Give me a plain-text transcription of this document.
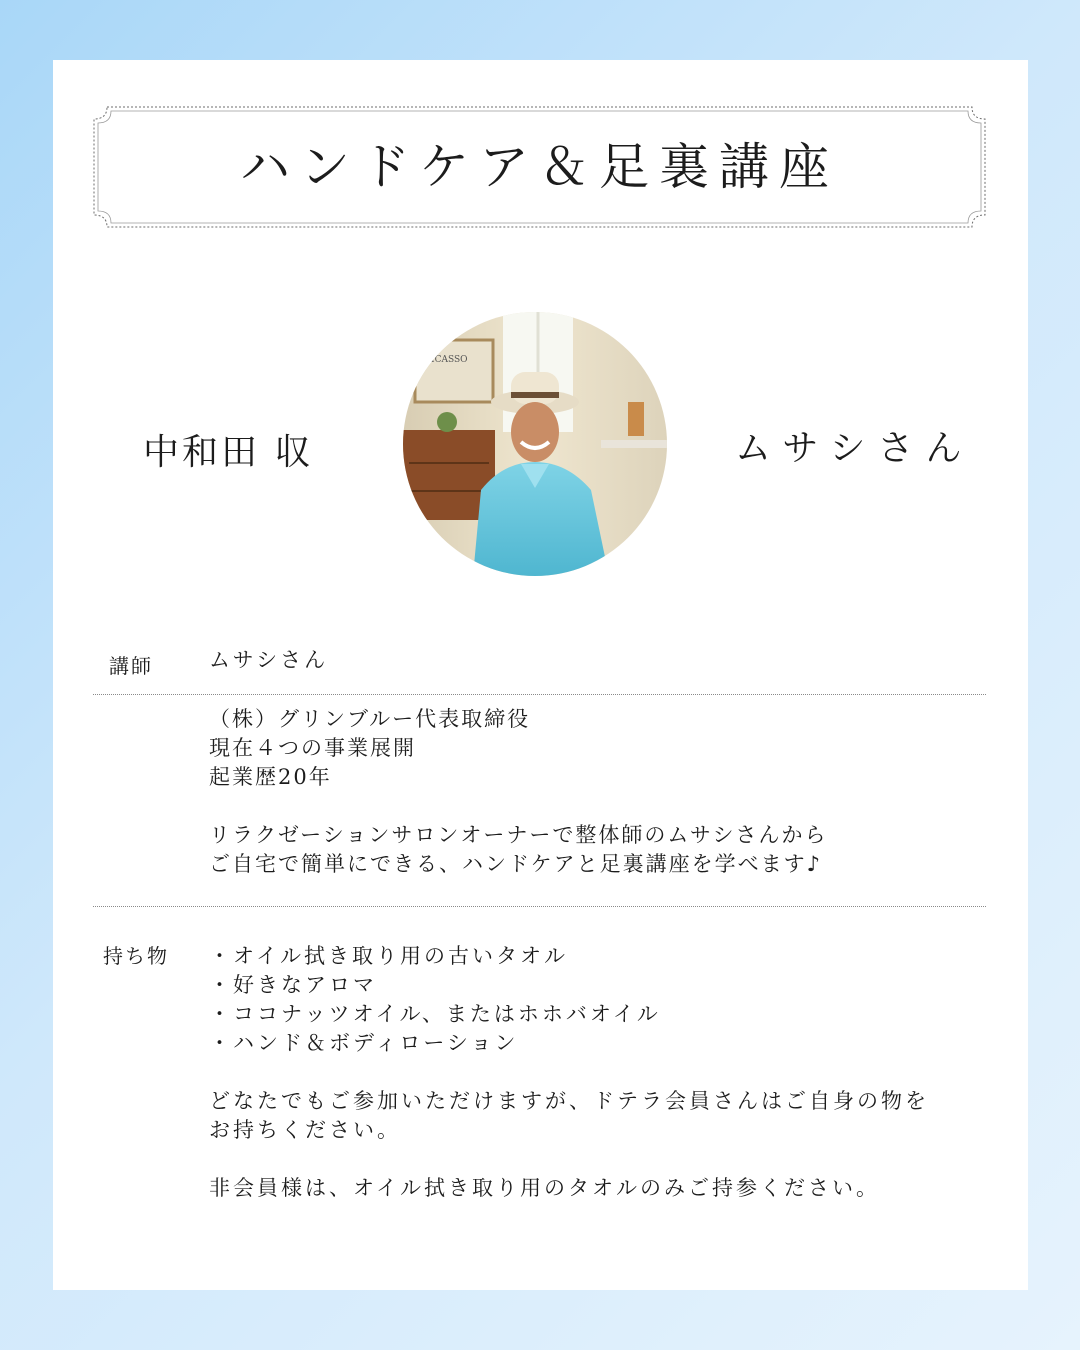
ハンドケア＆足裏講座
中和田 収
PICASSO
ムサシさん
講師	ムサシさん
（株）グリンブルー代表取締役
現在４つの事業展開
起業歴20年
リラクゼーションサロンオーナーで整体師のムサシさんから
ご自宅で簡単にできる、ハンドケアと足裏講座を学べます♪
持ち物 ・オイル拭き取り用の古いタオル
・好きなアロマ
・ココナッツオイル、またはホホバオイル
・ハンド＆ボディローション
どなたでもご参加いただけますが、ドテラ会員さんはご自身の物を
お持ちください。
非会員様は、オイル拭き取り用のタオルのみご持参ください。
